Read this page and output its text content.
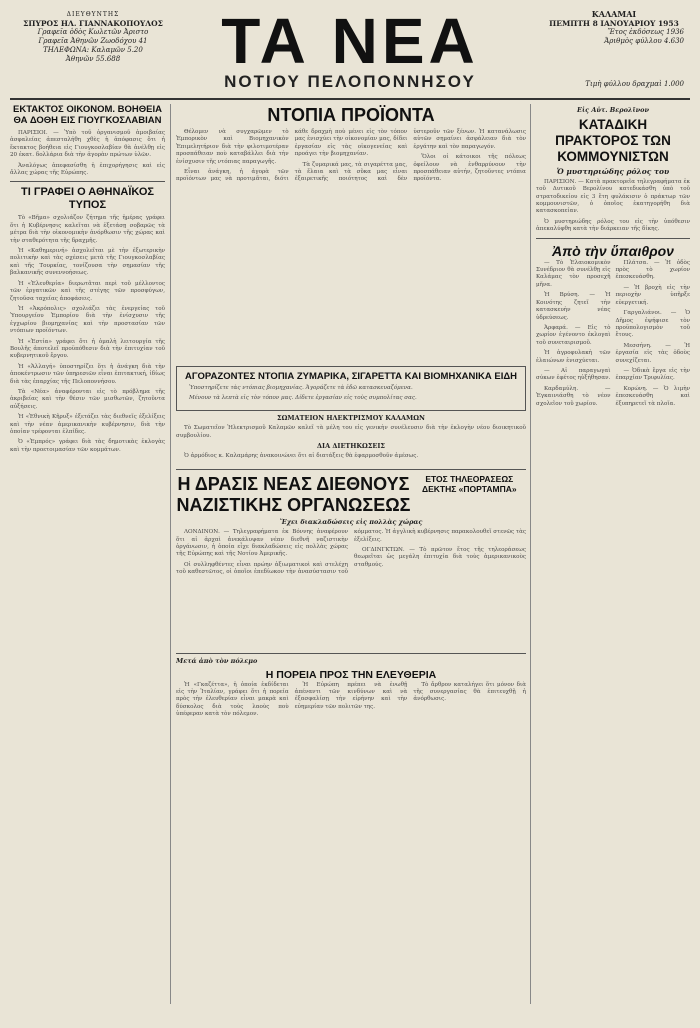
ΔΙΕΥΘΥΝΤΗΣ
ΣΠΥΡΟΣ ΗΛ. ΓΙΑΝΝΑΚΟΠΟΥΛΟΣ
Γραφεῖα ὁδὸς Κωλετῶν Ἀριστο
Γραφεῖα Ἀθηνῶν Ζωοδόχου 41
ΤΗΛΕΦΩΝΑ: Καλαμῶν 5.20
Ἀθηνῶν 55.688	ΤΑ ΝΕΑ
ΝΟΤΙΟΥ ΠΕΛΟΠΟΝΝΗΣΟΥ
ΚΑΛΑΜΑΙ
ΠΕΜΠΤΗ 8 ΙΑΝΟΥΑΡΙΟΥ 1953
Ἔτος ἐκδόσεως 1936
Ἀριθμὸς φύλλου 4.630
Τιμὴ φύλλου δραχμαὶ 1.000
ΕΚΤΑΚΤΟΣ ΟΙΚΟΝΟΜ. ΒΟΗΘΕΙΑ ΘΑ ΔΟΘΗ ΕΙΣ ΓΙΟΥΓΚΟΣΛΑΒΙΑΝ

ΠΑΡΙΣΙΟΙ. — Ὑπὸ τοῦ ὀργανισμοῦ ἀμοιβαίας ἀσφαλείας ἀπεσταλήθη χθὲς ἡ ἀπόφασις ὅτι ἡ ἔκτακτος βοήθεια εἰς Γιουγκοσλαβίαν θὰ ἀνέλθῃ εἰς 20 ἑκατ. δολλάρια διὰ τὴν ἀγορὰν πρώτων ὑλῶν.

Ἀναλόγως ἀπεφασίσθη ἡ ἐπιχορήγησις καὶ εἰς ἄλλας χώρας τῆς Εὐρώπης.

ΤΙ ΓΡΑΦΕΙ Ο ΑΘΗΝΑΪΚΟΣ ΤΥΠΟΣ

Τὸ «Βῆμα» σχολιάζον ζήτημα τῆς ἡμέρας γράφει ὅτι ἡ Κυβέρνησις καλεῖται νὰ ἐξετάσῃ σοβαρῶς τὰ μέτρα διὰ τὴν οἰκονομικὴν ἀνόρθωσιν τῆς χώρας καὶ τὴν σταθερότητα τῆς δραχμῆς.

Ἡ «Καθημερινή» ἀσχολεῖται μὲ τὴν ἐξωτερικὴν πολιτικὴν καὶ τὰς σχέσεις μετὰ τῆς Γιουγκοσλαβίας καὶ τῆς Τουρκίας, τονίζουσα τὴν σημασίαν τῆς βαλκανικῆς συνεννοήσεως.

Ἡ «Ἐλευθερία» διερωτᾶται περὶ τοῦ μέλλοντος τῶν ἐργατικῶν καὶ τῆς στέγης τῶν προσφύγων, ζητοῦσα ταχείας ἀποφάσεις.

Ἡ «Ἀκρόπολις» σχολιάζει τὰς ἐνεργείας τοῦ Ὑπουργείου Ἐμπορίου διὰ τὴν ἐνίσχυσιν τῆς ἐγχωρίου βιομηχανίας καὶ τὴν προστασίαν τῶν ντόπιων προϊόντων.

Ἡ «Ἑστία» γράφει ὅτι ἡ ὁμαλὴ λειτουργία τῆς Βουλῆς ἀποτελεῖ προϋπόθεσιν διὰ τὴν ἐπιτυχίαν τοῦ κυβερνητικοῦ ἔργου.

Ἡ «Ἀλλαγή» ὑποστηρίζει ὅτι ἡ ἀνάγκη διὰ τὴν ἀποκέντρωσιν τῶν ὑπηρεσιῶν εἶναι ἐπιτακτική, ἰδίως διὰ τὰς ἐπαρχίας τῆς Πελοποννήσου.

Τὰ «Νέα» ἀναφέρονται εἰς τὸ πρόβλημα τῆς ἀκριβείας καὶ τὴν θέσιν τῶν μισθωτῶν, ζητοῦντα αὐξήσεις.

Ἡ «Ἐθνικὴ Κῆρυξ» ἐξετάζει τὰς διεθνεῖς ἐξελίξεις καὶ τὴν νέαν ἀμερικανικὴν κυβέρνησιν, διὰ τὴν ὁποίαν τρέφονται ἐλπίδες.

Ὁ «Ἐμπρός» γράφει διὰ τὰς δημοτικὰς ἐκλογὰς καὶ τὴν προετοιμασίαν τῶν κομμάτων.

ΝΤΟΠΙΑ ΠΡΟΪΟΝΤΑ

Θέλομεν νὰ συγχαρῶμεν τὸ Ἐμπορικὸν καὶ Βιομηχανικὸν Ἐπιμελητήριον διὰ τὴν φιλοτιμοτέραν προσπάθειαν ποὺ καταβάλλει διὰ τὴν ἐνίσχυσιν τῆς ντόπιας παραγωγῆς.

Εἶναι ἀνάγκη, ἡ ἀγορὰ τῶν προϊόντων μας νὰ προτιμᾶται, διότι κάθε δραχμὴ ποὺ μένει εἰς τὸν τόπον μας ἐνισχύει τὴν οἰκονομίαν μας, δίδει ἐργασίαν εἰς τὰς οἰκογενείας καὶ προάγει τὴν βιομηχανίαν.

Τὰ ζυμαρικά μας, τὰ σιγαρέττα μας, τὰ ἔλαια καὶ τὰ σῦκα μας εἶναι ἐξαιρετικῆς ποιότητος καὶ δὲν ὑστεροῦν τῶν ξένων. Ἡ κατανάλωσις αὐτῶν σημαίνει ἀσφάλειαν διὰ τὸν ἐργάτην καὶ τὸν παραγωγόν.

Ὅλοι οἱ κάτοικοι τῆς πόλεως ὀφείλουν νὰ ἐνθαρρύνουν τὴν προσπάθειαν αὐτήν, ζητοῦντες ντόπια προϊόντα.

ΑΓΟΡΑΖΟΝΤΕΣ ΝΤΟΠΙΑ ΖΥΜΑΡΙΚΑ, ΣΙΓΑΡΕΤΤΑ ΚΑΙ ΒΙΟΜΗΧΑΝΙΚΑ ΕΙΔΗ

Ὑποστηρίζετε τὰς ντόπιας βιομηχανίας. Ἀγοράζετε τὰ ἐδῶ κατασκευαζόμενα.

Μένουν τὰ λεπτὰ εἰς τὸν τόπον μας. Δίδετε ἐργασίαν εἰς τοὺς συμπολίτας σας.

ΣΩΜΑΤΕΙΟΝ ΗΛΕΚΤΡΙΣΜΟΥ ΚΑΛΑΜΩΝ

Τὸ Σωματεῖον Ἠλεκτρισμοῦ Καλαμῶν καλεῖ τὰ μέλη του εἰς γενικὴν συνέλευσιν διὰ τὴν ἐκλογὴν νέου διοικητικοῦ συμβουλίου.

ΔΙΑ ΔΙΕΤΗΚΩΣΕΙΣ

Ὁ ἀρμόδιος κ. Καλαμάρης ἀνακοινώνει ὅτι αἱ διατάξεις θὰ ἐφαρμοσθοῦν ἀμέσως.

Η ΔΡΑΣΙΣ ΝΕΑΣ ΔΙΕΘΝΟΥΣ ΝΑΖΙΣΤΙΚΗΣ ΟΡΓΑΝΩΣΕΩΣ ΕΤΟΣ ΤΗΛΕΟΡΑΣΕΩΣ ΔΕΚΤΗΣ «ΠΟΡΤΑΜΠΑ»
Ἔχει διακλαδώσεις εἰς πολλὰς χώρας

ΛΟΝΔΙΝΟΝ. — Τηλεγραφήματα ἐκ Βόννης ἀναφέρουν ὅτι αἱ ἀρχαὶ ἀνεκάλυψαν νέαν διεθνῆ ναζιστικὴν ὀργάνωσιν, ἡ ὁποία εἶχε διακλαδώσεις εἰς πολλὰς χώρας τῆς Εὐρώπης καὶ τῆς Νοτίου Ἀμερικῆς.

Οἱ συλληφθέντες εἶναι πρώην ἀξιωματικοὶ καὶ στελέχη τοῦ καθεστῶτος, οἱ ὁποῖοι ἐπεδίωκον τὴν ἀνασύστασιν τοῦ κόμματος. Ἡ ἀγγλικὴ κυβέρνησις παρακολουθεῖ στενῶς τὰς ἐξελίξεις.

ΟΓΔΙΝΓΚΤΩΝ. — Τὸ πρῶτον ἔτος τῆς τηλεοράσεως θεωρεῖται ὡς μεγάλη ἐπιτυχία διὰ τοὺς ἀμερικανικοὺς σταθμούς.

Μετά ἀπὸ τὸν πόλεμο
Η ΠΟΡΕΙΑ ΠΡΟΣ ΤΗΝ ΕΛΕΥΘΕΡΙΑ

Ἡ «Γκαζέττα», ἡ ὁποία ἐκδίδεται εἰς τὴν Ἰταλίαν, γράφει ὅτι ἡ πορεία πρὸς τὴν ἐλευθερίαν εἶναι μακρὰ καὶ δύσκολος διὰ τοὺς λαοὺς ποὺ ὑπέφεραν κατὰ τὸν πόλεμον.

Ἡ Εὐρώπη πρέπει νὰ ἑνωθῇ ἀπέναντι τῶν κινδύνων καὶ νὰ ἐξασφαλίσῃ τὴν εἰρήνην καὶ τὴν εὐημερίαν τῶν πολιτῶν της.

Τὸ ἄρθρον καταλήγει ὅτι μόνον διὰ τῆς συνεργασίας θὰ ἐπιτευχθῇ ἡ ἀνόρθωσις.

Εἰς Αὐτ. Βερολῖνον
ΚΑΤΑΔΙΚΗ ΠΡΑΚΤΟΡΟΣ ΤΩΝ ΚΟΜΜΟΥΝΙΣΤΩΝ
Ὁ μυστηριώδης ρόλος του

ΠΑΡΙΣΙΟΝ. — Κατὰ πρακτορεῖα τηλεγραφήματα ἐκ τοῦ Δυτικοῦ Βερολίνου κατεδικάσθη ὑπὸ τοῦ στρατοδικείου εἰς 3 ἔτη φυλάκισιν ὁ πράκτωρ τῶν κομμουνιστῶν, ὁ ὁποῖος ἐκατηγορήθη διὰ κατασκοπείαν.

Ὁ μυστηριώδης ρόλος του εἰς τὴν ὑπόθεσιν ἀπεκαλύφθη κατὰ τὴν διάρκειαν τῆς δίκης.

Ἀπὸ τὴν ὕπαιθρον

— Τὸ Ἐλαιοκομικὸν Συνέδριον θὰ συνέλθῃ εἰς Καλάμας τὸν προσεχῆ μῆνα.

Ἡ Βρύση. — Ἡ Κοινότης ζητεῖ τὴν κατασκευὴν νέας ὑδρεύσεως.

Ἀρφαρά. — Εἰς τὸ χωρίον ἐγένοντο ἐκλογαὶ τοῦ συνεταιρισμοῦ.

Ἡ ἀγροφυλακὴ τῶν ἐλαιώνων ἐνισχύεται.

— Αἱ παραγωγαὶ σύκων ἐφέτος ηὐξήθησαν.

Καρδαμύλη. — Ἐγκαινιάσθη τὸ νέον σχολεῖον τοῦ χωρίου.

Πλάτσα. — Ἡ ὁδὸς πρὸς τὸ χωρίον ἐπεσκευάσθη.

— Ἡ βροχὴ εἰς τὴν περιοχὴν ὑπῆρξε εὐεργετική.

Γαργαλιάνοι. — Ὁ Δῆμος ἐψήφισε τὸν προϋπολογισμὸν τοῦ ἔτους.

Μεσσήνη. — Ἡ ἐργασία εἰς τὰς ὁδοὺς συνεχίζεται.

— Ὁδικὰ ἔργα εἰς τὴν ἐπαρχίαν Τριφυλίας.

Κορώνη. — Ὁ λιμὴν ἐπεσκευάσθη καὶ ἐξυπηρετεῖ τὰ πλοῖα.
